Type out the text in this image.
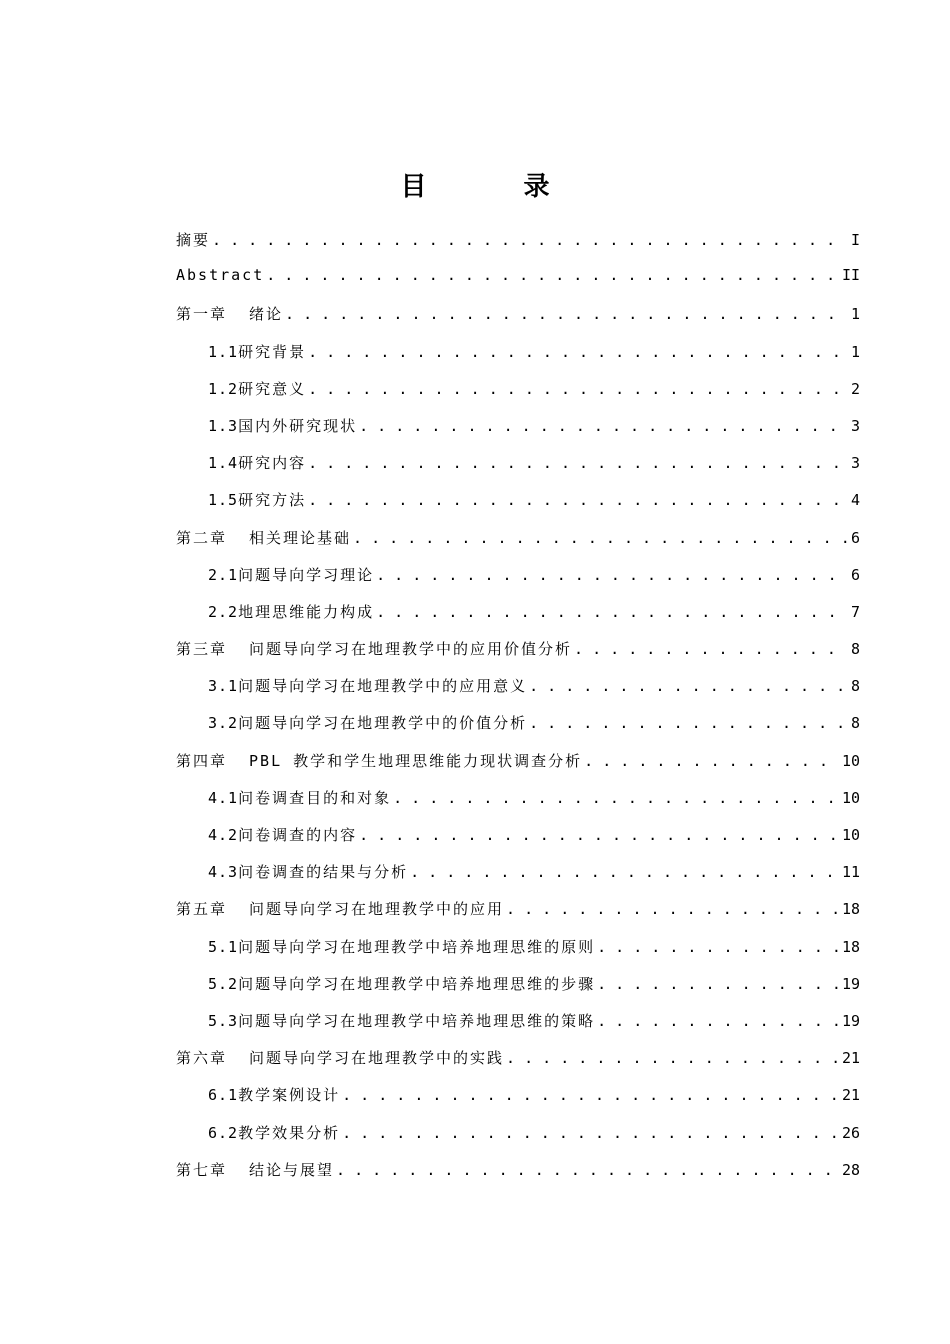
目 录
摘要 . . .	I
Abstract . . .	II
第一章 绪论 . . .	1
1.1研究背景 . . .	1
1.2研究意义 . . .	2
1.3国内外研究现状 . . .	3
1.4研究内容 . . .	3
1.5研究方法 . . .	4
第二章 相关理论基础 . . .	6
2.1问题导向学习理论 . . .	6
2.2地理思维能力构成 . . .	7
第三章 问题导向学习在地理教学中的应用价值分析 . . .	8
3.1问题导向学习在地理教学中的应用意义 . . .	8
3.2问题导向学习在地理教学中的价值分析 . . .	8
第四章 PBL 教学和学生地理思维能力现状调查分析 . . .	10
4.1问卷调查目的和对象 . . .	10
4.2问卷调查的内容 . . .	10
4.3问卷调查的结果与分析 . . .	11
第五章 问题导向学习在地理教学中的应用 . . .	18
5.1问题导向学习在地理教学中培养地理思维的原则 . . .	18
5.2问题导向学习在地理教学中培养地理思维的步骤 . . .	19
5.3问题导向学习在地理教学中培养地理思维的策略 . . .	19
第六章 问题导向学习在地理教学中的实践 . . .	21
6.1教学案例设计 . . .	21
6.2教学效果分析 . . .	26
第七章 结论与展望 . . .	28
